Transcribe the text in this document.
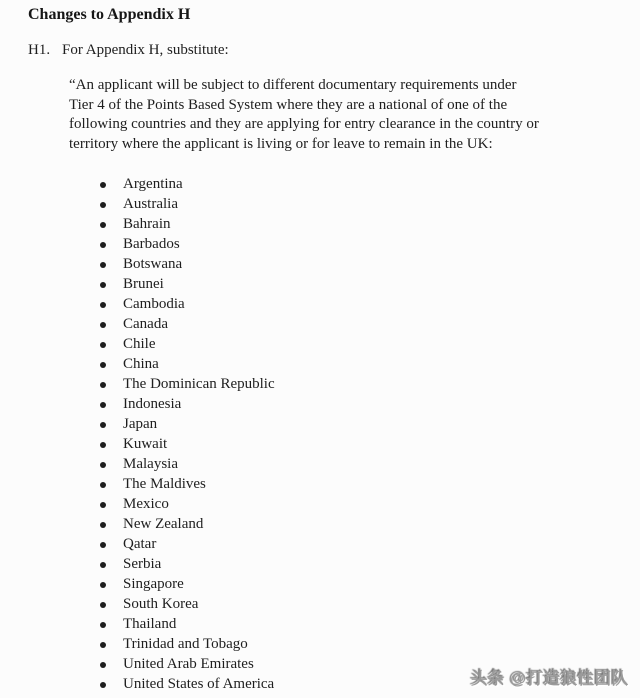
Changes to Appendix H
H1. For Appendix H, substitute:
“An applicant will be subject to different documentary requirements under
Tier 4 of the Points Based System where they are a national of one of the
following countries and they are applying for entry clearance in the country or
territory where the applicant is living or for leave to remain in the UK:
Argentina
Australia
Bahrain
Barbados
Botswana
Brunei
Cambodia
Canada
Chile
China
The Dominican Republic
Indonesia
Japan
Kuwait
Malaysia
The Maldives
Mexico
New Zealand
Qatar
Serbia
Singapore
South Korea
Thailand
Trinidad and Tobago
United Arab Emirates
United States of America	头条 @打造狼性团队
